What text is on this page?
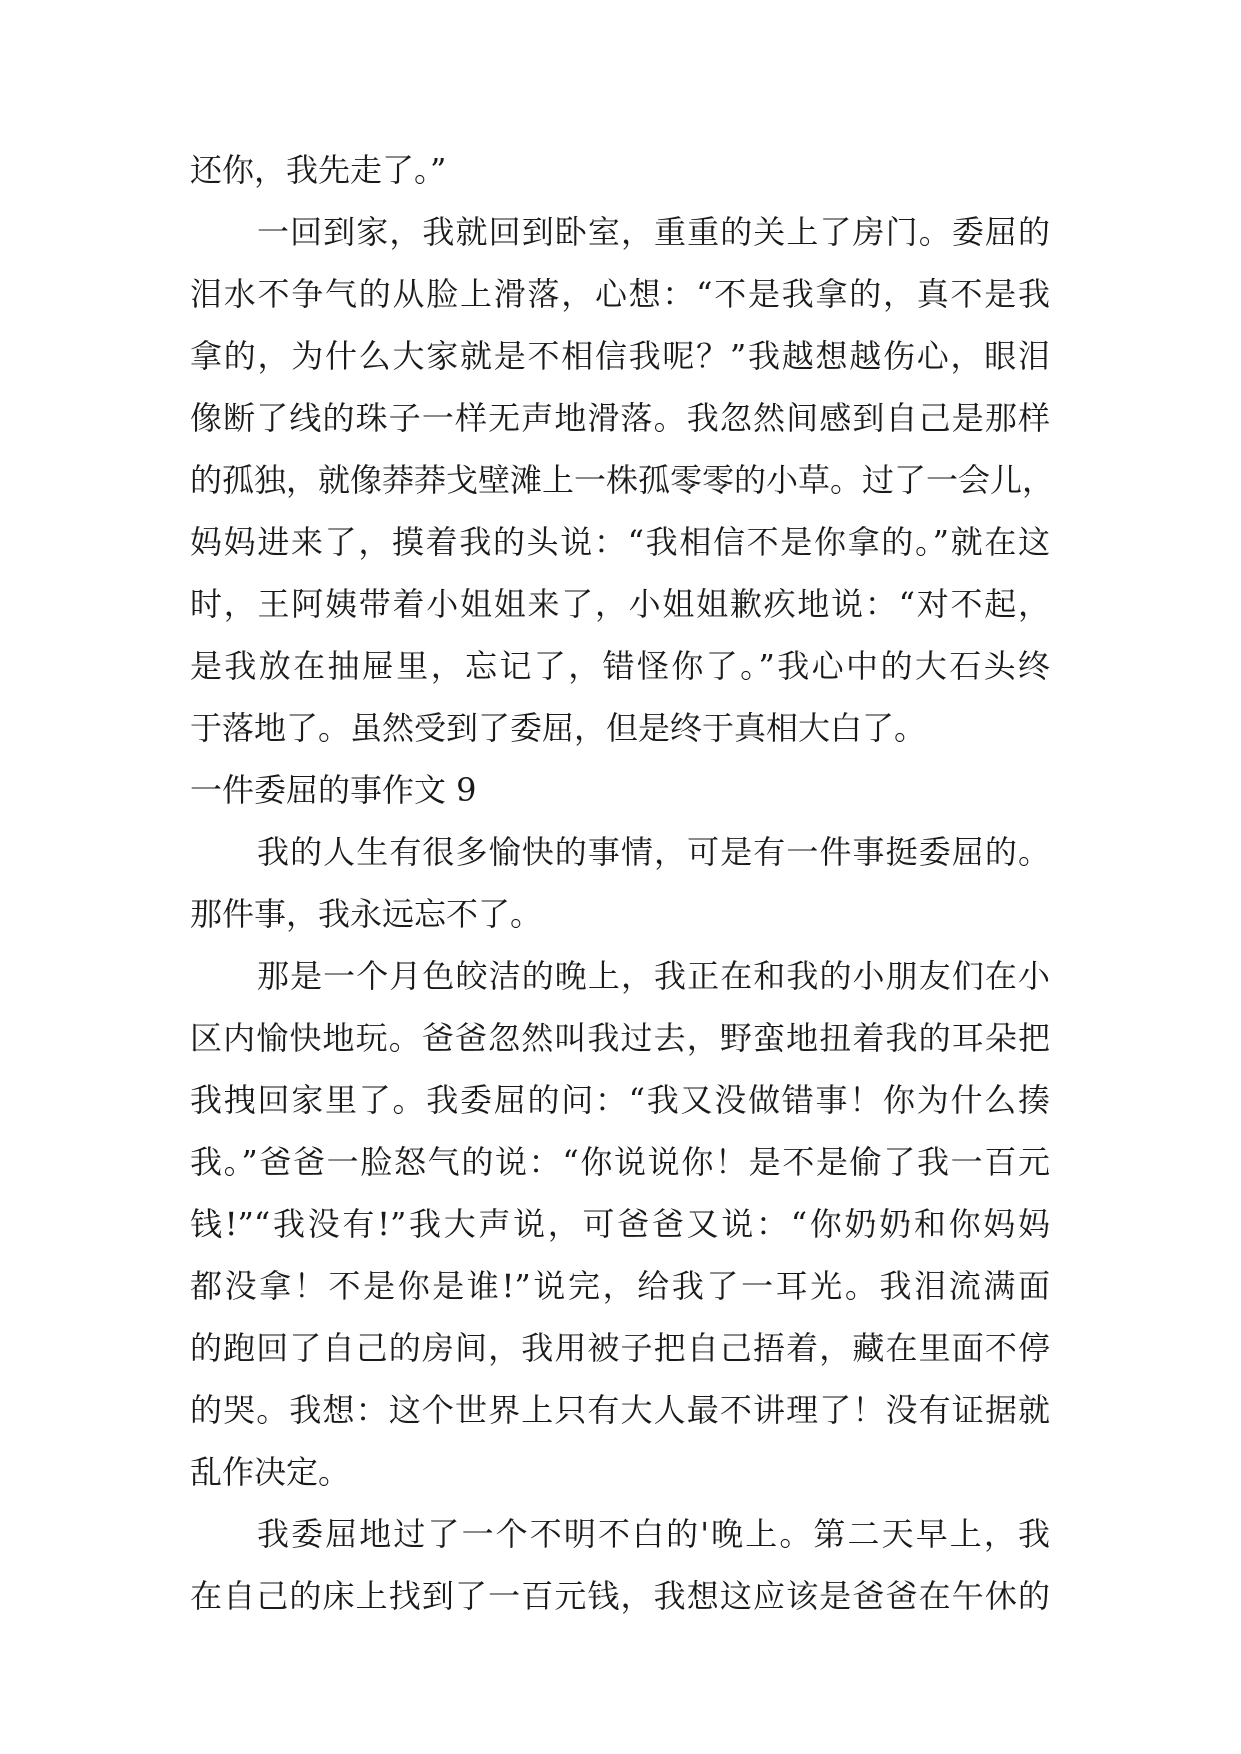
还你，我先走了。”
一回到家，我就回到卧室，重重的关上了房门。委屈的
泪水不争气的从脸上滑落，心想：“不是我拿的，真不是我
拿的，为什么大家就是不相信我呢？”我越想越伤心，眼泪
像断了线的珠子一样无声地滑落。我忽然间感到自己是那样
的孤独，就像莽莽戈壁滩上一株孤零零的小草。过了一会儿，
妈妈进来了，摸着我的头说：“我相信不是你拿的。”就在这
时，王阿姨带着小姐姐来了，小姐姐歉疚地说：“对不起，
是我放在抽屉里，忘记了，错怪你了。”我心中的大石头终
于落地了。虽然受到了委屈，但是终于真相大白了。
一件委屈的事作文 9
我的人生有很多愉快的事情，可是有一件事挺委屈的。
那件事，我永远忘不了。
那是一个月色皎洁的晚上，我正在和我的小朋友们在小
区内愉快地玩。爸爸忽然叫我过去，野蛮地扭着我的耳朵把
我拽回家里了。我委屈的问：“我又没做错事！你为什么揍
我。”爸爸一脸怒气的说：“你说说你！是不是偷了我一百元
钱!”“我没有!”我大声说，可爸爸又说：“你奶奶和你妈妈
都没拿！不是你是谁!”说完，给我了一耳光。我泪流满面
的跑回了自己的房间，我用被子把自己捂着，藏在里面不停
的哭。我想：这个世界上只有大人最不讲理了！没有证据就
乱作决定。
我委屈地过了一个不明不白的'晚上。第二天早上，我
在自己的床上找到了一百元钱，我想这应该是爸爸在午休的
